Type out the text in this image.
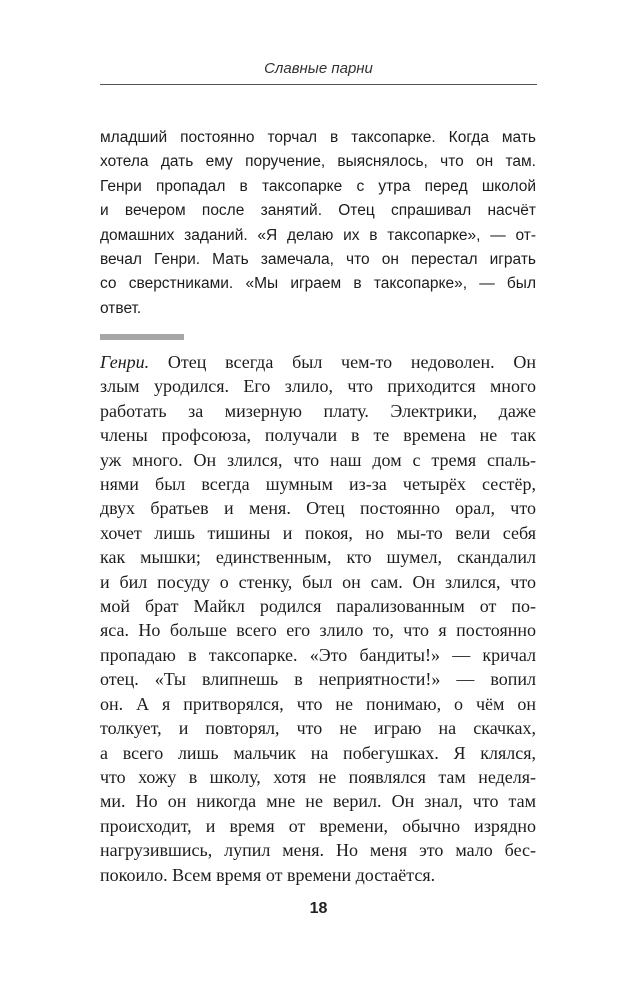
Славные парни
младший постоянно торчал в таксопарке. Когда мать
хотела дать ему поручение, выяснялось, что он там.
Генри пропадал в таксопарке с утра перед школой
и вечером после занятий. Отец спрашивал насчёт
домашних заданий. «Я делаю их в таксопарке», — от-
вечал Генри. Мать замечала, что он перестал играть
со сверстниками. «Мы играем в таксопарке», — был
ответ.
Генри. Отец всегда был чем-то недоволен. Он
злым уродился. Его злило, что приходится много
работать за мизерную плату. Электрики, даже
члены профсоюза, получали в те времена не так
уж много. Он злился, что наш дом с тремя спаль-
нями был всегда шумным из-за четырёх сестёр,
двух братьев и меня. Отец постоянно орал, что
хочет лишь тишины и покоя, но мы-то вели себя
как мышки; единственным, кто шумел, скандалил
и бил посуду о стенку, был он сам. Он злился, что
мой брат Майкл родился парализованным от по-
яса. Но больше всего его злило то, что я постоянно
пропадаю в таксопарке. «Это бандиты!» — кричал
отец. «Ты влипнешь в неприятности!» — вопил
он. А я притворялся, что не понимаю, о чём он
толкует, и повторял, что не играю на скачках,
а всего лишь мальчик на побегушках. Я клялся,
что хожу в школу, хотя не появлялся там неделя-
ми. Но он никогда мне не верил. Он знал, что там
происходит, и время от времени, обычно изрядно
нагрузившись, лупил меня. Но меня это мало бес-
покоило. Всем время от времени достаётся.
18
